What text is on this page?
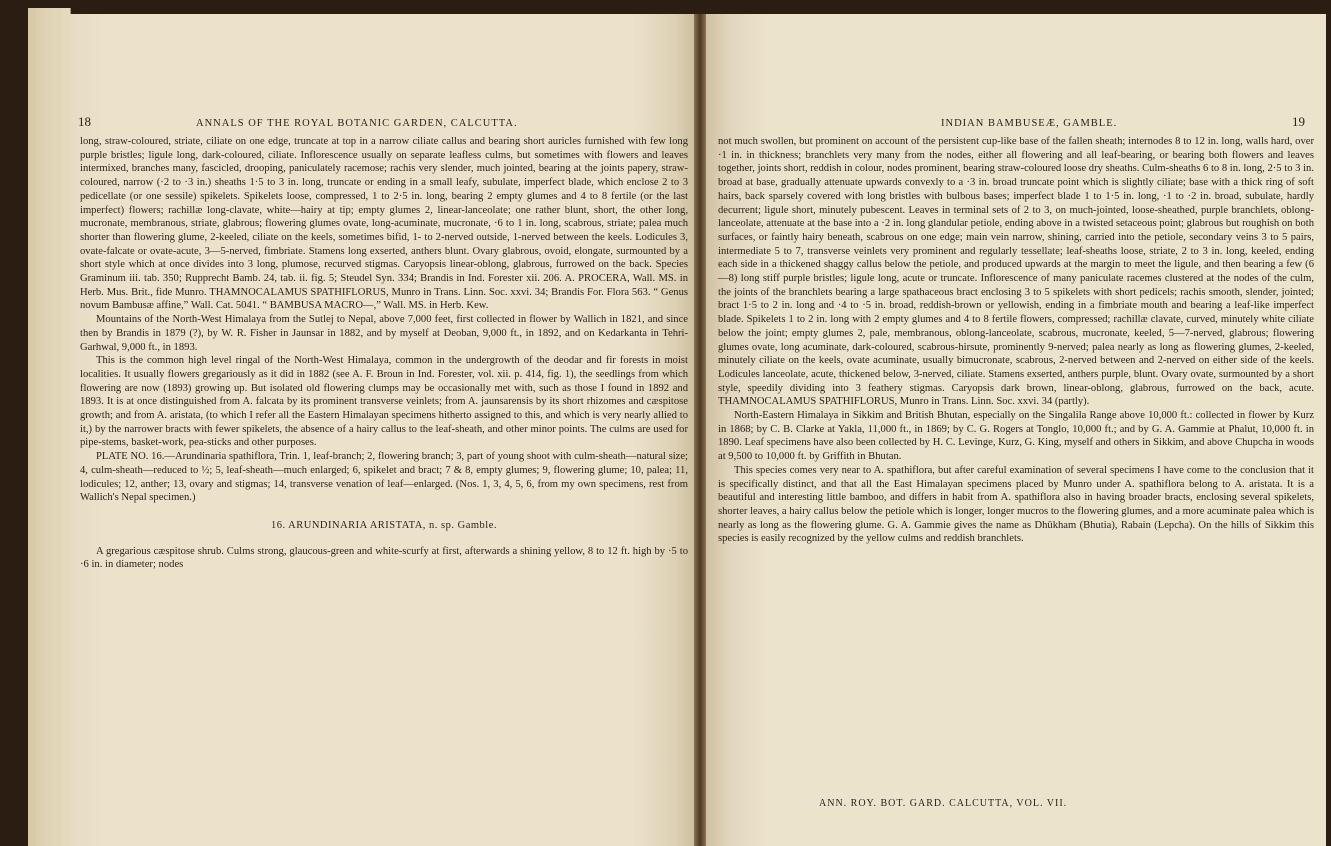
18	ANNALS OF THE ROYAL BOTANIC GARDEN, CALCUTTA.

long, straw-coloured, striate, ciliate on one edge, truncate at top in a narrow ciliate callus and bearing short auricles furnished with few long purple bristles; ligule long, dark-coloured, ciliate. Inflorescence usually on separate leafless culms, but sometimes with flowers and leaves intermixed, branches many, fascicled, drooping, paniculately racemose; rachis very slender, much jointed, bearing at the joints papery, straw-coloured, narrow (·2 to ·3 in.) sheaths 1·5 to 3 in. long, truncate or ending in a small leafy, subulate, imperfect blade, which enclose 2 to 3 pedicellate (or one sessile) spikelets. Spikelets loose, compressed, 1 to 2·5 in. long, bearing 2 empty glumes and 4 to 8 fertile (or the last imperfect) flowers; rachillæ long-clavate, white—hairy at tip; empty glumes 2, linear-lanceolate; one rather blunt, short, the other long, mucronate, membranous, striate, glabrous; flowering glumes ovate, long-acuminate, mucronate, ·6 to 1 in. long, scabrous, striate; palea much shorter than flowering glume, 2-keeled, ciliate on the keels, sometimes bifid, 1- to 2-nerved outside, 1-nerved between the keels. Lodicules 3, ovate-falcate or ovate-acute, 3—5-nerved, fimbriate. Stamens long exserted, anthers blunt. Ovary glabrous, ovoid, elongate, surmounted by a short style which at once divides into 3 long, plumose, recurved stigmas. Caryopsis linear-oblong, glabrous, furrowed on the back. Species Graminum iii. tab. 350; Rupprecht Bamb. 24, tab. ii. fig. 5; Steudel Syn. 334; Brandis in Ind. Forester xii. 206. A. PROCERA, Wall. MS. in Herb. Mus. Brit., fide Munro. THAMNOCALAMUS SPATHIFLORUS, Munro in Trans. Linn. Soc. xxvi. 34; Brandis For. Flora 563. “ Genus novum Bambusæ affine,” Wall. Cat. 5041. “ BAMBUSA MACRO—,” Wall. MS. in Herb. Kew.

Mountains of the North-West Himalaya from the Sutlej to Nepal, above 7,000 feet, first collected in flower by Wallich in 1821, and since then by Brandis in 1879 (?), by W. R. Fisher in Jaunsar in 1882, and by myself at Deoban, 9,000 ft., in 1892, and on Kedarkanta in Tehri-Garhwal, 9,000 ft., in 1893.

This is the common high level ringal of the North-West Himalaya, common in the undergrowth of the deodar and fir forests in moist localities. It usually flowers gregariously as it did in 1882 (see A. F. Broun in Ind. Forester, vol. xii. p. 414, fig. 1), the seedlings from which flowering are now (1893) growing up. But isolated old flowering clumps may be occasionally met with, such as those I found in 1892 and 1893. It is at once distinguished from A. falcata by its prominent transverse veinlets; from A. jaunsarensis by its short rhizomes and cæspitose growth; and from A. aristata, (to which I refer all the Eastern Himalayan specimens hitherto assigned to this, and which is very nearly allied to it,) by the narrower bracts with fewer spikelets, the absence of a hairy callus to the leaf-sheath, and other minor points. The culms are used for pipe-stems, basket-work, pea-sticks and other purposes.

PLATE NO. 16.—Arundinaria spathiflora, Trin. 1, leaf-branch; 2, flowering branch; 3, part of young shoot with culm-sheath—natural size; 4, culm-sheath—reduced to ½; 5, leaf-sheath—much enlarged; 6, spikelet and bract; 7 & 8, empty glumes; 9, flowering glume; 10, palea; 11, lodicules; 12, anther; 13, ovary and stigmas; 14, transverse venation of leaf—enlarged. (Nos. 1, 3, 4, 5, 6, from my own specimens, rest from Wallich's Nepal specimen.)

16. ARUNDINARIA ARISTATA, n. sp. Gamble.

A gregarious cæspitose shrub. Culms strong, glaucous-green and white-scurfy at first, afterwards a shining yellow, 8 to 12 ft. high by ·5 to ·6 in. in diameter; nodes

INDIAN BAMBUSEÆ, GAMBLE.	19

not much swollen, but prominent on account of the persistent cup-like base of the fallen sheath; internodes 8 to 12 in. long, walls hard, over ·1 in. in thickness; branchlets very many from the nodes, either all flowering and all leaf-bearing, or bearing both flowers and leaves together, joints short, reddish in colour, nodes prominent, bearing straw-coloured loose dry sheaths. Culm-sheaths 6 to 8 in. long, 2·5 to 3 in. broad at base, gradually attenuate upwards convexly to a ·3 in. broad truncate point which is slightly ciliate; base with a thick ring of soft hairs, back sparsely covered with long bristles with bulbous bases; imperfect blade 1 to 1·5 in. long, ·1 to ·2 in. broad, subulate, hardly decurrent; ligule short, minutely pubescent. Leaves in terminal sets of 2 to 3, on much-jointed, loose-sheathed, purple branchlets, oblong-lanceolate, attenuate at the base into a ·2 in. long glandular petiole, ending above in a twisted setaceous point; glabrous but roughish on both surfaces, or faintly hairy beneath, scabrous on one edge; main vein narrow, shining, carried into the petiole, secondary veins 3 to 5 pairs, intermediate 5 to 7, transverse veinlets very prominent and regularly tessellate; leaf-sheaths loose, striate, 2 to 3 in. long, keeled, ending each side in a thickened shaggy callus below the petiole, and produced upwards at the margin to meet the ligule, and then bearing a few (6—8) long stiff purple bristles; ligule long, acute or truncate. Inflorescence of many paniculate racemes clustered at the nodes of the culm, the joints of the branchlets bearing a large spathaceous bract enclosing 3 to 5 spikelets with short pedicels; rachis smooth, slender, jointed; bract 1·5 to 2 in. long and ·4 to ·5 in. broad, reddish-brown or yellowish, ending in a fimbriate mouth and bearing a leaf-like imperfect blade. Spikelets 1 to 2 in. long with 2 empty glumes and 4 to 8 fertile flowers, compressed; rachillæ clavate, curved, minutely white ciliate below the joint; empty glumes 2, pale, membranous, oblong-lanceolate, scabrous, mucronate, keeled, 5—7-nerved, glabrous; flowering glumes ovate, long acuminate, dark-coloured, scabrous-hirsute, prominently 9-nerved; palea nearly as long as flowering glumes, 2-keeled, minutely ciliate on the keels, ovate acuminate, usually bimucronate, scabrous, 2-nerved between and 2-nerved on either side of the keels. Lodicules lanceolate, acute, thickened below, 3-nerved, ciliate. Stamens exserted, anthers purple, blunt. Ovary ovate, surmounted by a short style, speedily dividing into 3 feathery stigmas. Caryopsis dark brown, linear-oblong, glabrous, furrowed on the back, acute. THAMNOCALAMUS SPATHIFLORUS, Munro in Trans. Linn. Soc. xxvi. 34 (partly).

North-Eastern Himalaya in Sikkim and British Bhutan, especially on the Singalila Range above 10,000 ft.: collected in flower by Kurz in 1868; by C. B. Clarke at Yakla, 11,000 ft., in 1869; by C. G. Rogers at Tonglo, 10,000 ft.; and by G. A. Gammie at Phalut, 10,000 ft. in 1890. Leaf specimens have also been collected by H. C. Levinge, Kurz, G. King, myself and others in Sikkim, and above Chupcha in woods at 9,500 to 10,000 ft. by Griffith in Bhutan.

This species comes very near to A. spathiflora, but after careful examination of several specimens I have come to the conclusion that it is specifically distinct, and that all the East Himalayan specimens placed by Munro under A. spathiflora belong to A. aristata. It is a beautiful and interesting little bamboo, and differs in habit from A. spathiflora also in having broader bracts, enclosing several spikelets, shorter leaves, a hairy callus below the petiole which is longer, longer mucros to the flowering glumes, and a more acuminate palea which is nearly as long as the flowering glume. G. A. Gammie gives the name as Dhūkham (Bhutia), Rabain (Lepcha). On the hills of Sikkim this species is easily recognized by the yellow culms and reddish branchlets.

ANN. ROY. BOT. GARD. CALCUTTA, VOL. VII.
